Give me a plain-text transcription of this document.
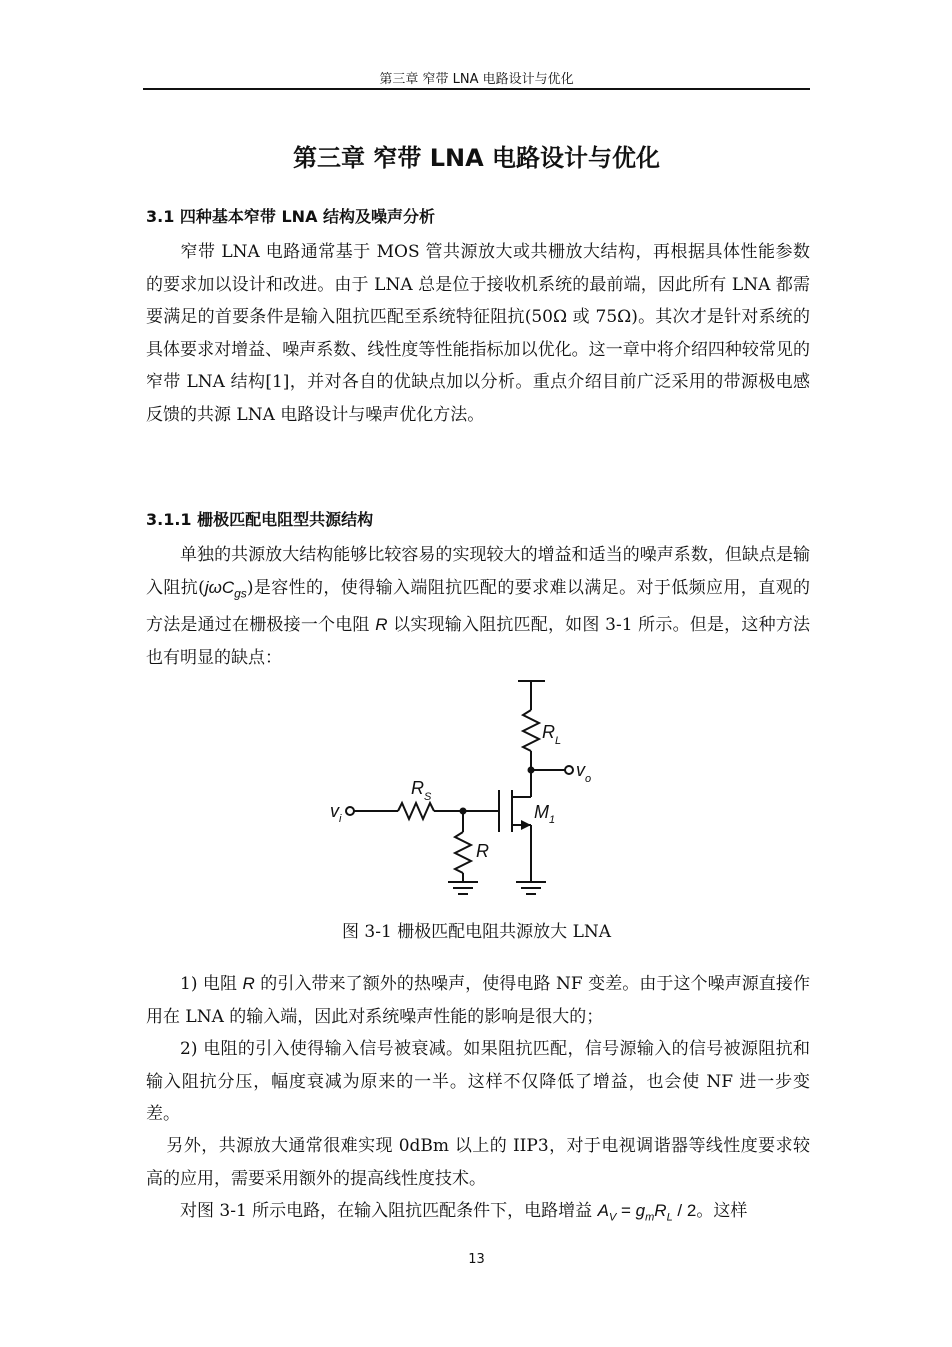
第三章 窄带 LNA 电路设计与优化
第三章 窄带 LNA 电路设计与优化
3.1 四种基本窄带 LNA 结构及噪声分析

窄带 LNA 电路通常基于 MOS 管共源放大或共栅放大结构，再根据具体性能参数的要求加以设计和改进。由于 LNA 总是位于接收机系统的最前端，因此所有 LNA 都需要满足的首要条件是输入阻抗匹配至系统特征阻抗(50Ω 或 75Ω)。其次才是针对系统的具体要求对增益、噪声系数、线性度等性能指标加以优化。这一章中将介绍四种较常见的窄带 LNA 结构[1]，并对各自的优缺点加以分析。重点介绍目前广泛采用的带源极电感反馈的共源 LNA 电路设计与噪声优化方法。

3.1.1 栅极匹配电阻型共源结构

单独的共源放大结构能够比较容易的实现较大的增益和适当的噪声系数，但缺点是输入阻抗(jωC$_{gs}$)是容性的，使得输入端阻抗匹配的要求难以满足。对于低频应用，直观的方法是通过在栅极接一个电阻 R 以实现输入阻抗匹配，如图 3-1 所示。但是，这种方法也有明显的缺点：

R L
v o
R S
v i	M 1
R
图 3-1 栅极匹配电阻共源放大 LNA

1) 电阻 R 的引入带来了额外的热噪声，使得电路 NF 变差。由于这个噪声源直接作用在 LNA 的输入端，因此对系统噪声性能的影响是很大的；

2) 电阻的引入使得输入信号被衰减。如果阻抗匹配，信号源输入的信号被源阻抗和输入阻抗分压，幅度衰减为原来的一半。这样不仅降低了增益，也会使 NF 进一步变差。

另外，共源放大通常很难实现 0dBm 以上的 IIP3，对于电视调谐器等线性度要求较高的应用，需要采用额外的提高线性度技术。

对图 3-1 所示电路，在输入阻抗匹配条件下，电路增益 $A_V = g_mR_L / 2$。这样

13
